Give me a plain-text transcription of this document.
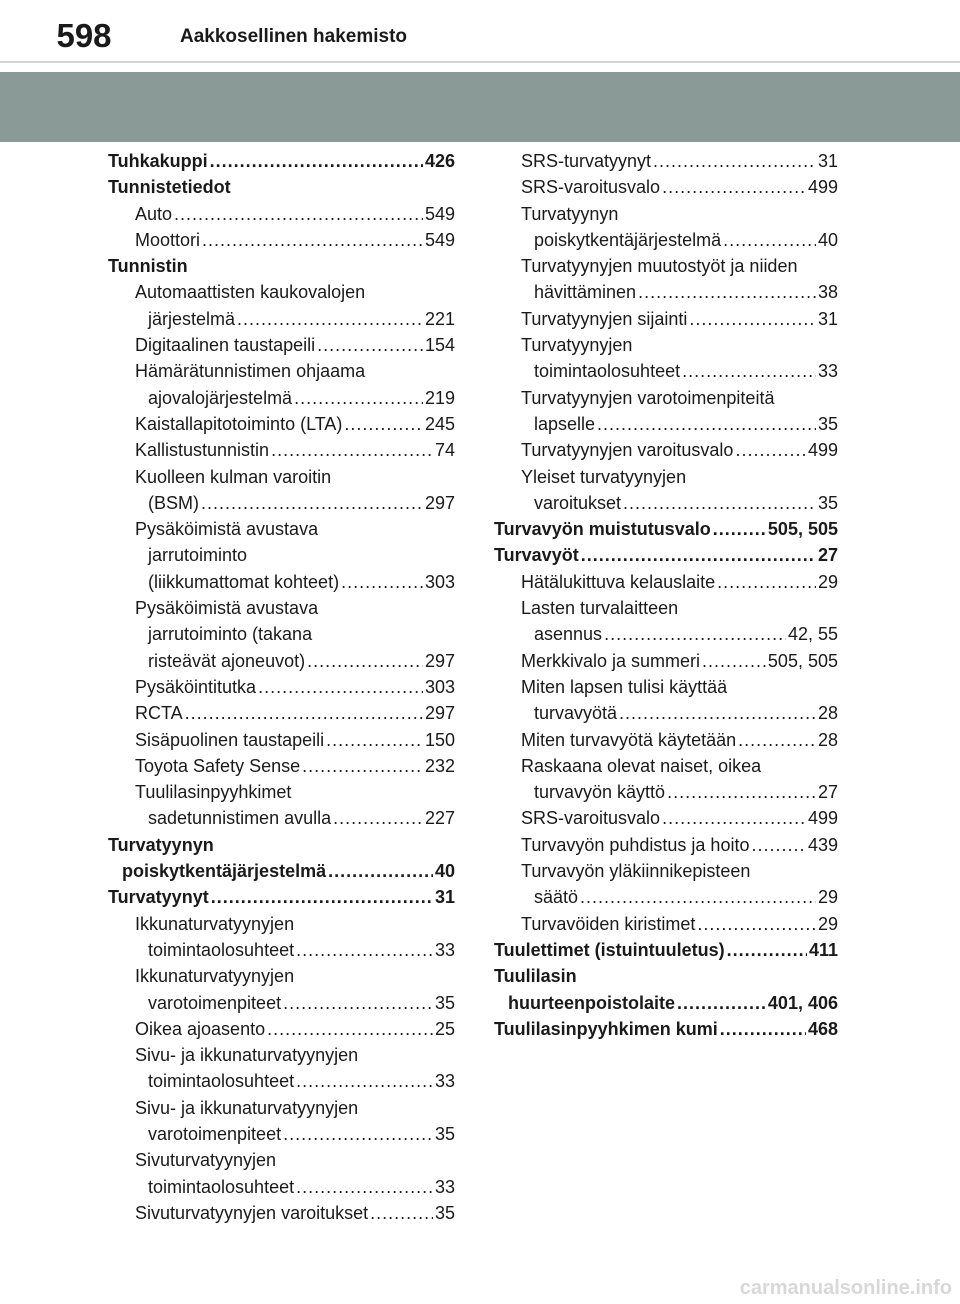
598	Aakkosellinen hakemisto
Tuhkakuppi .....	426
Tunnistetiedot
Auto .....	549
Moottori .....	549
Tunnistin
Automaattisten kaukovalojen
järjestelmä .....	221
Digitaalinen taustapeili .....	154
Hämärätunnistimen ohjaama
ajovalojärjestelmä .....	219
Kaistallapitotoiminto (LTA) .....	245
Kallistustunnistin .....	74
Kuolleen kulman varoitin
(BSM) .....	297
Pysäköimistä avustava
jarrutoiminto
(liikkumattomat kohteet) .....	303
Pysäköimistä avustava
jarrutoiminto (takana
risteävät ajoneuvot) .....	297
Pysäköintitutka .....	303
RCTA .....	297
Sisäpuolinen taustapeili .....	150
Toyota Safety Sense .....	232
Tuulilasinpyyhkimet
sadetunnistimen avulla .....	227
Turvatyynyn
poiskytkentäjärjestelmä .....	40
Turvatyynyt .....	31
Ikkunaturvatyynyjen
toimintaolosuhteet .....	33
Ikkunaturvatyynyjen
varotoimenpiteet .....	35
Oikea ajoasento .....	25
Sivu- ja ikkunaturvatyynyjen
toimintaolosuhteet .....	33
Sivu- ja ikkunaturvatyynyjen
varotoimenpiteet .....	35
Sivuturvatyynyjen
toimintaolosuhteet .....	33
Sivuturvatyynyjen varoitukset .....	35
SRS-turvatyynyt .....	31
SRS-varoitusvalo .....	499
Turvatyynyn
poiskytkentäjärjestelmä .....	40
Turvatyynyjen muutostyöt ja niiden
hävittäminen .....	38
Turvatyynyjen sijainti .....	31
Turvatyynyjen
toimintaolosuhteet .....	33
Turvatyynyjen varotoimenpiteitä
lapselle .....	35
Turvatyynyjen varoitusvalo .....	499
Yleiset turvatyynyjen
varoitukset .....	35
Turvavyön muistutusvalo .....	505, 505
Turvavyöt .....	27
Hätälukittuva kelauslaite .....	29
Lasten turvalaitteen
asennus .....	42, 55
Merkkivalo ja summeri .....	505, 505
Miten lapsen tulisi käyttää
turvavyötä .....	28
Miten turvavyötä käytetään .....	28
Raskaana olevat naiset, oikea
turvavyön käyttö .....	27
SRS-varoitusvalo .....	499
Turvavyön puhdistus ja hoito .....	439
Turvavyön yläkiinnikepisteen
säätö .....	29
Turvavöiden kiristimet .....	29
Tuulettimet (istuintuuletus) .....	411
Tuulilasin
huurteenpoistolaite .....	401, 406
Tuulilasinpyyhkimen kumi .....	468
carmanualsonline.info
